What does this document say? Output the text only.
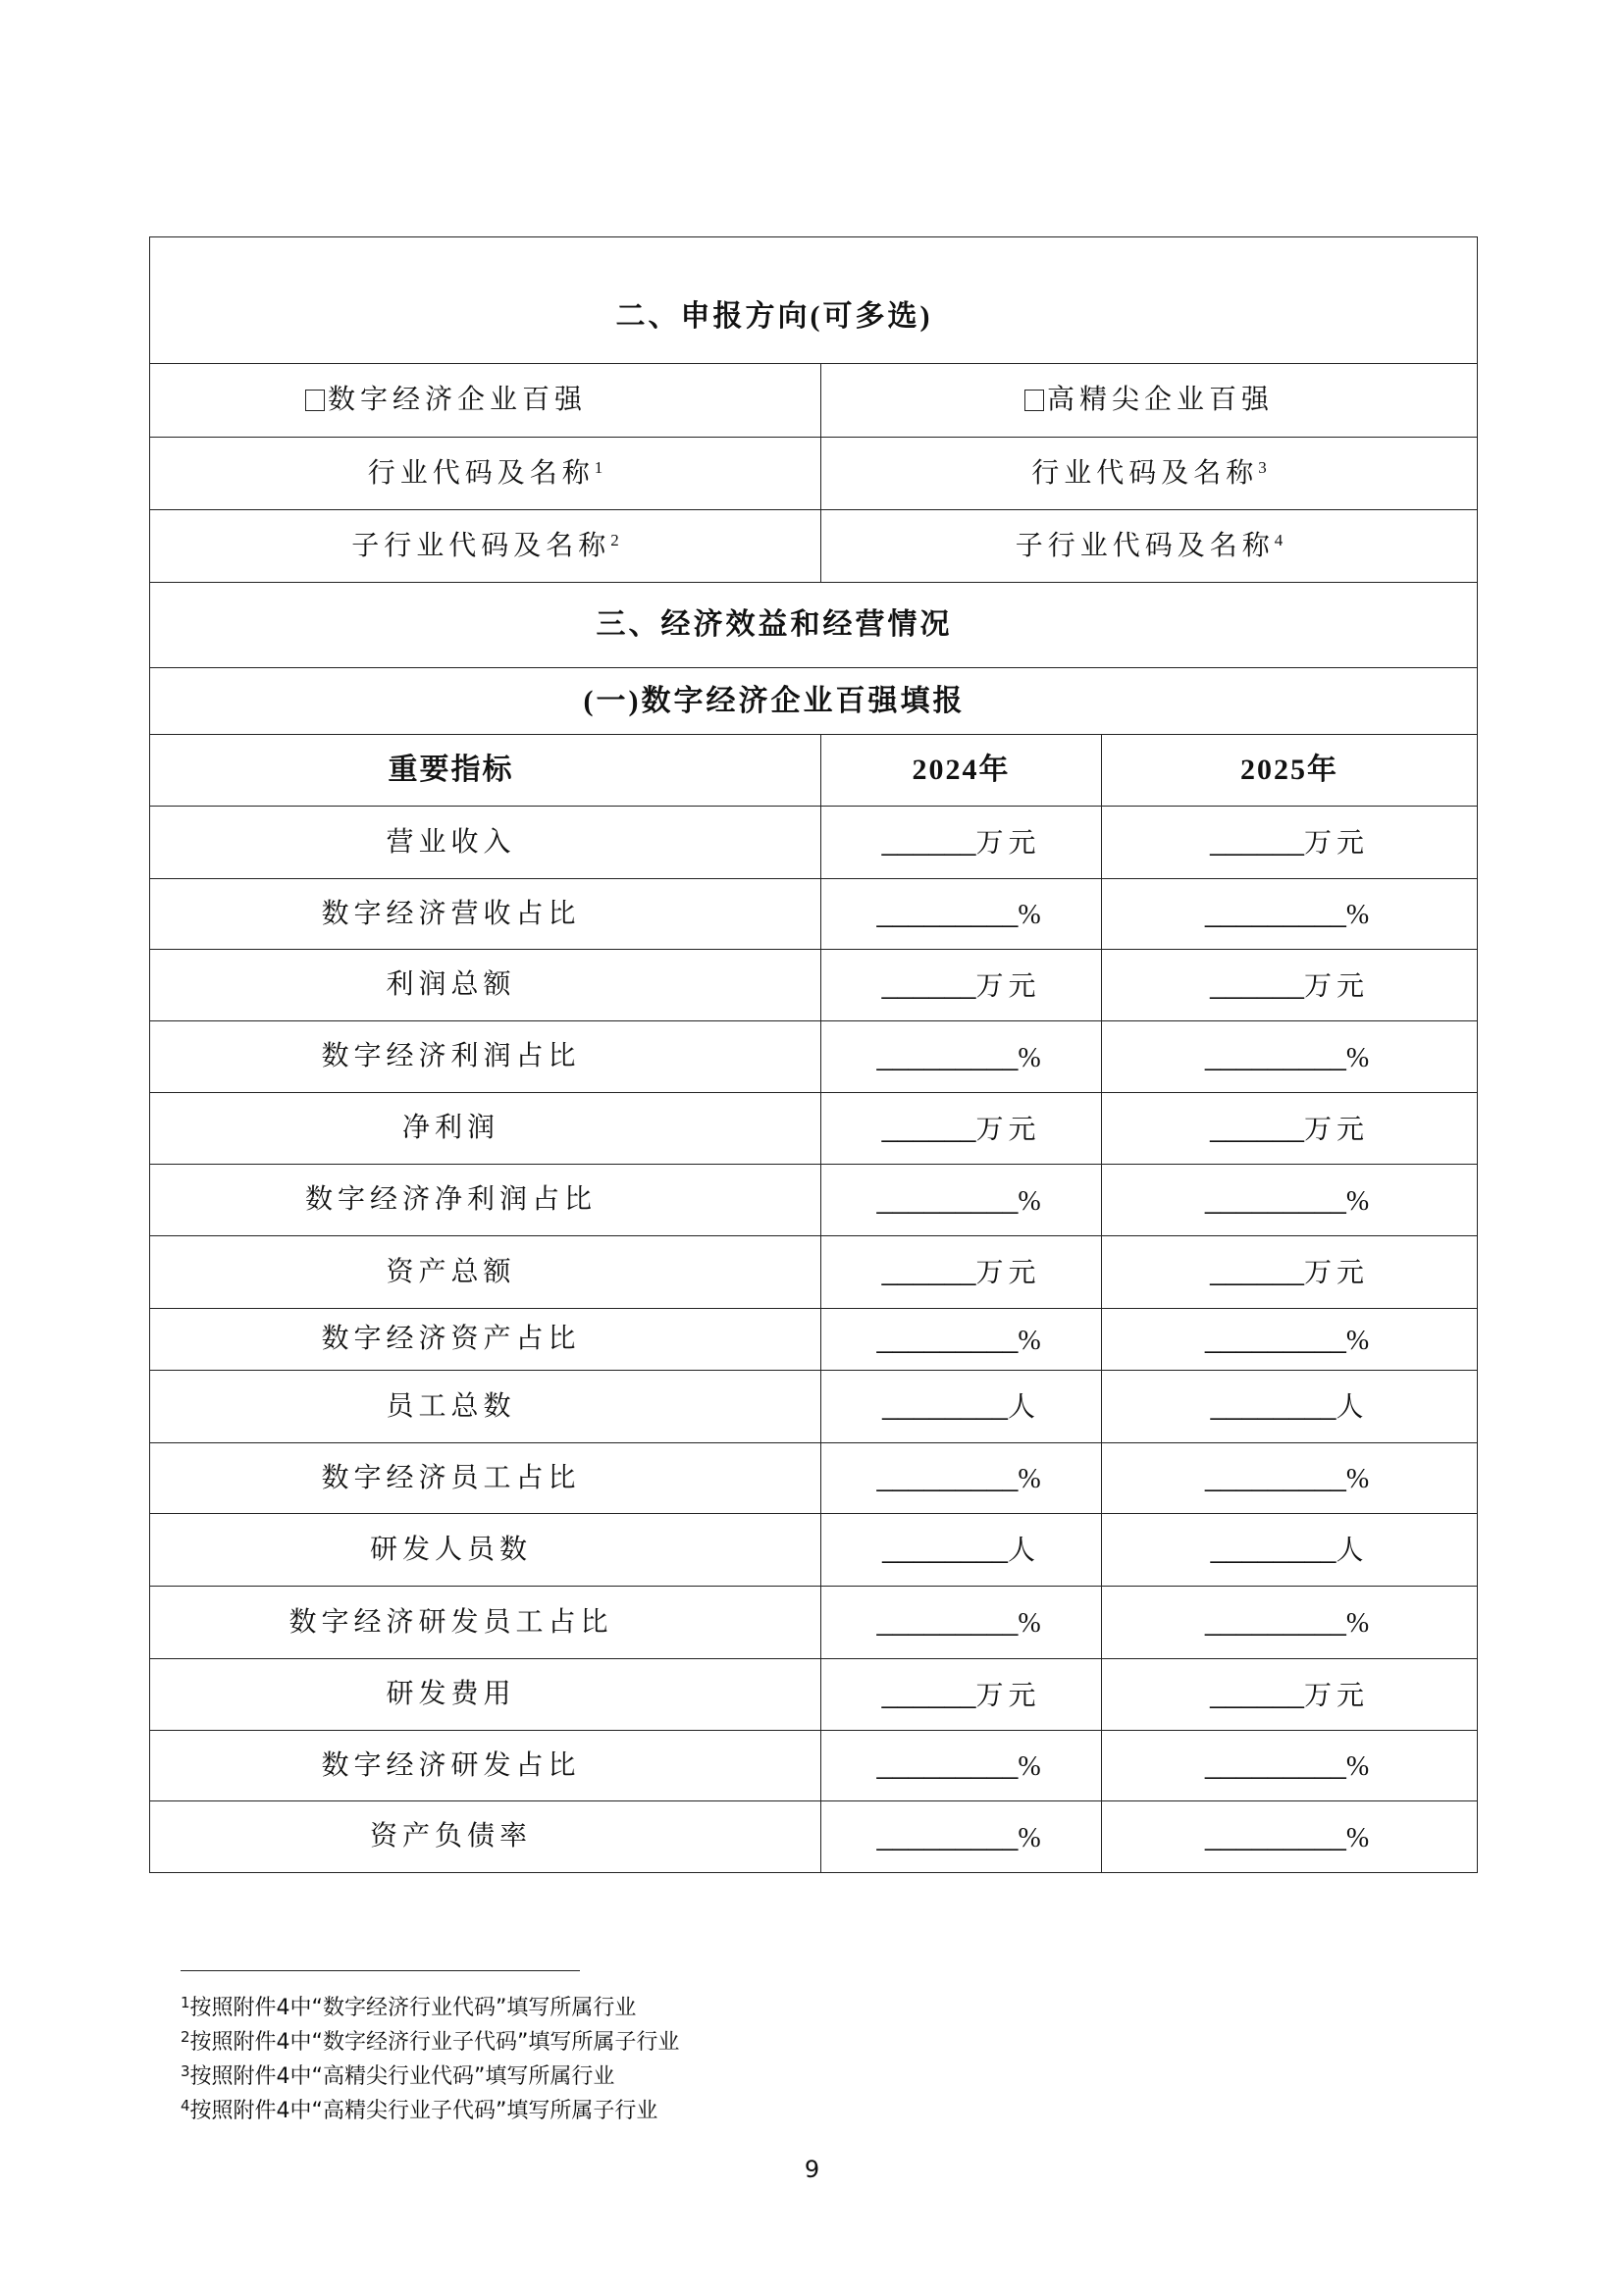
二、申报方向(可多选)		
数字经济企业百强	高精尖企业百强	
行业代码及名称$^1$	行业代码及名称$^3$
子行业代码及名称$^2$	子行业代码及名称$^4$
三、经济效益和经营情况		
(一)数字经济企业百强填报		
重要指标	2024年	2025年
营业收入	______万元	______万元
数字经济营收占比	_________%	_________%
利润总额	______万元	______万元
数字经济利润占比	_________%	_________%
净利润	______万元	______万元
数字经济净利润占比	_________%	_________%
资产总额	______万元	______万元
数字经济资产占比	_________%	_________%
员工总数	________人	________人
数字经济员工占比	_________%	_________%
研发人员数	________人	________人
数字经济研发员工占比	_________%	_________%
研发费用	______万元	______万元
数字经济研发占比	_________%	_________%
资产负债率	_________%	_________%
$^1$按照附件4中“数字经济行业代码”填写所属行业
$^2$按照附件4中“数字经济行业子代码”填写所属子行业
$^3$按照附件4中“高精尖行业代码”填写所属行业
$^4$按照附件4中“高精尖行业子代码”填写所属子行业
9
